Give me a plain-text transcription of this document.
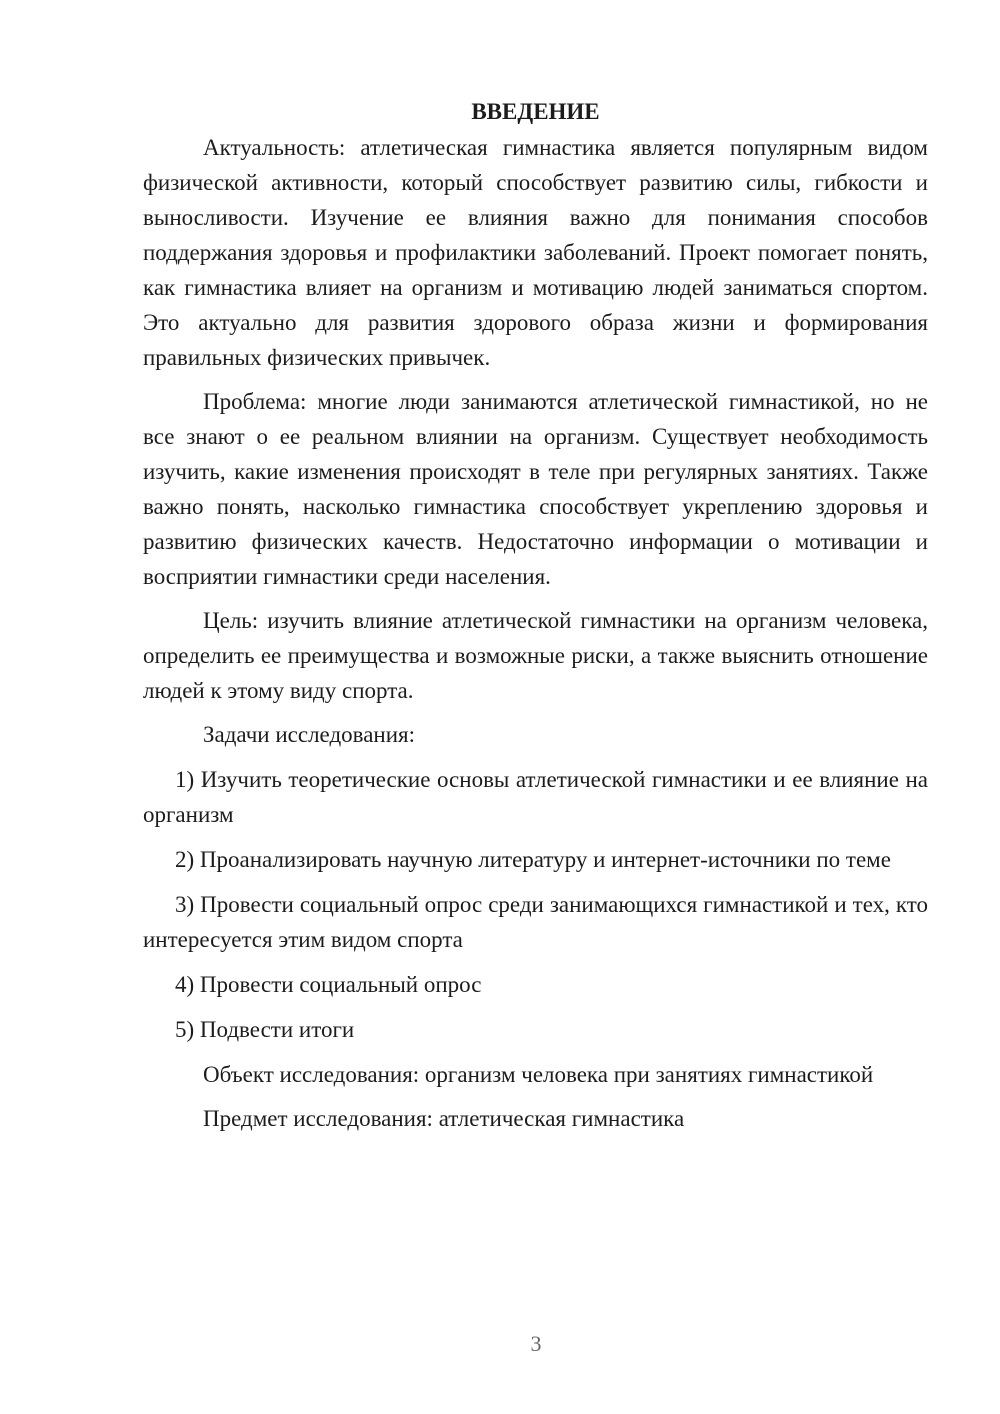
ВВЕДЕНИЕ

Актуальность: атлетическая гимнастика является популярным видом физической активности, который способствует развитию силы, гибкости и выносливости. Изучение ее влияния важно для понимания способов поддержания здоровья и профилактики заболеваний. Проект помогает понять, как гимнастика влияет на организм и мотивацию людей заниматься спортом. Это актуально для развития здорового образа жизни и формирования правильных физических привычек.

Проблема: многие люди занимаются атлетической гимнастикой, но не все знают о ее реальном влиянии на организм. Существует необходимость изучить, какие изменения происходят в теле при регулярных занятиях. Также важно понять, насколько гимнастика способствует укреплению здоровья и развитию физических качеств. Недостаточно информации о мотивации и восприятии гимнастики среди населения.

Цель: изучить влияние атлетической гимнастики на организм человека, определить ее преимущества и возможные риски, а также выяснить отношение людей к этому виду спорта.

Задачи исследования:

1) Изучить теоретические основы атлетической гимнастики и ее влияние на организм

2) Проанализировать научную литературу и интернет-источники по теме

3) Провести социальный опрос среди занимающихся гимнастикой и тех, кто интересуется этим видом спорта

4) Провести социальный опрос

5) Подвести итоги

Объект исследования: организм человека при занятиях гимнастикой

Предмет исследования: атлетическая гимнастика

3
